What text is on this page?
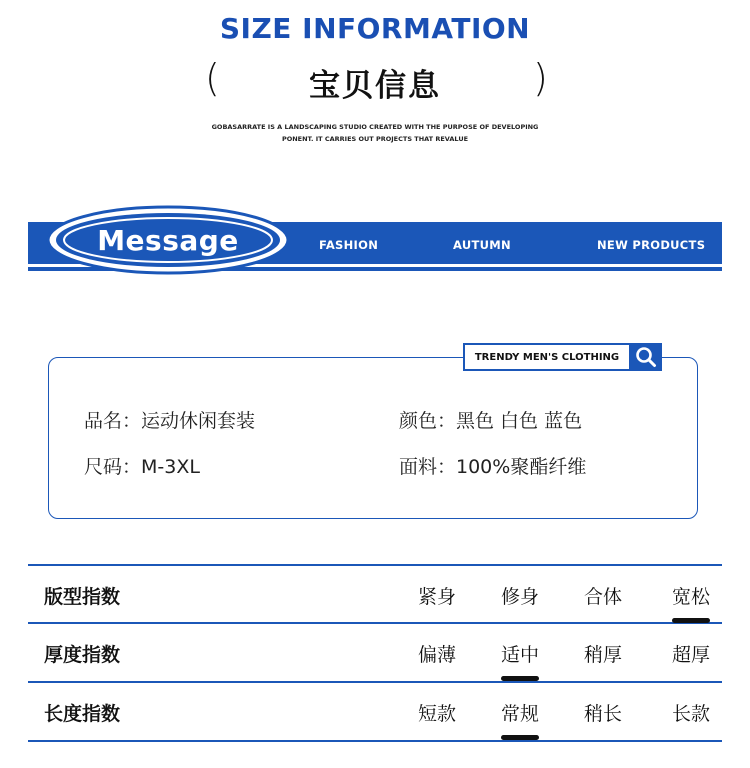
SIZE INFORMATION
(	宝贝信息	)
GOBASARRATE IS A LANDSCAPING STUDIO CREATED WITH THE PURPOSE OF DEVELOPING
PONENT. IT CARRIES OUT PROJECTS THAT REVALUE
Message	FASHION	AUTUMN	NEW PRODUCTS
TRENDY MEN'S CLOTHING
品名：运动休闲套装	颜色：黑色 白色 蓝色
尺码：M-3XL	面料：100%聚酯纤维
版型指数	紧身	修身	合体	宽松
厚度指数	偏薄	适中	稍厚	超厚
长度指数	短款	常规	稍长	长款
